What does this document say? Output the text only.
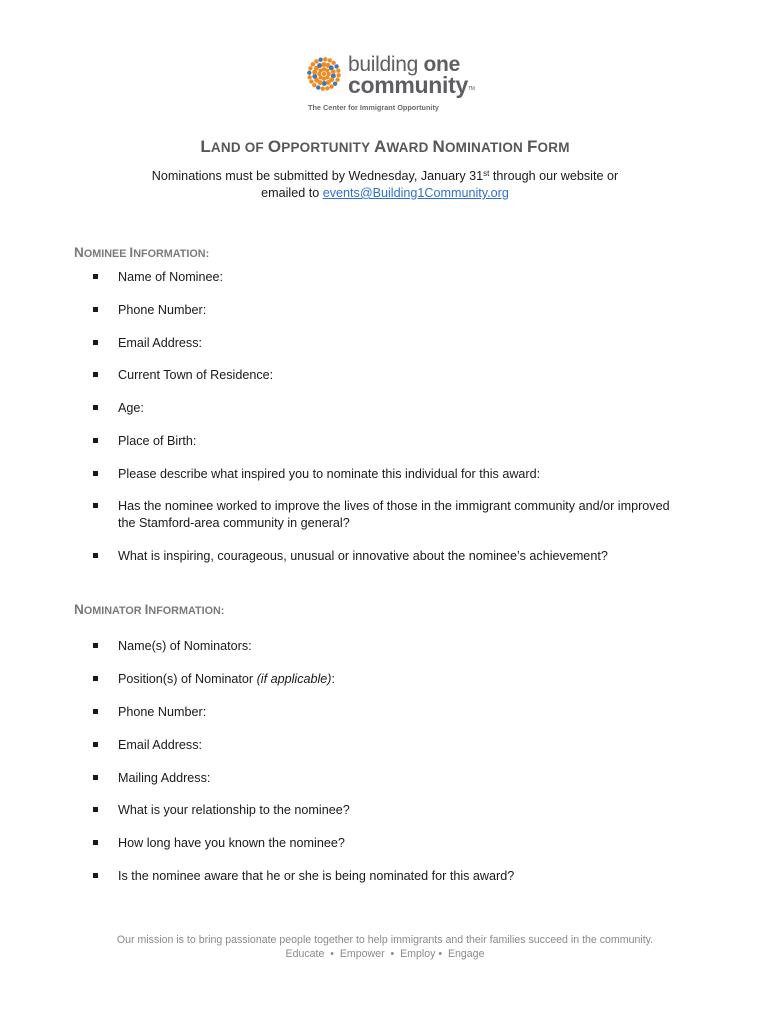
building one
community™
The Center for Immigrant Opportunity
LAND OF OPPORTUNITY AWARD NOMINATION FORM
Nominations must be submitted by Wednesday, January 31st through our website or
emailed to events@Building1Community.org
NOMINEE INFORMATION:
Name of Nominee:
Phone Number:
Email Address:
Current Town of Residence:
Age:
Place of Birth:
Please describe what inspired you to nominate this individual for this award:
Has the nominee worked to improve the lives of those in the immigrant community and/or improved the Stamford-area community in general?
What is inspiring, courageous, unusual or innovative about the nominee’s achievement?
NOMINATOR INFORMATION:
Name(s) of Nominators:
Position(s) of Nominator (if applicable):
Phone Number:
Email Address:
Mailing Address:
What is your relationship to the nominee?
How long have you known the nominee?
Is the nominee aware that he or she is being nominated for this award?
Our mission is to bring passionate people together to help immigrants and their families succeed in the community.
Educate  •  Empower  •  Employ •  Engage
